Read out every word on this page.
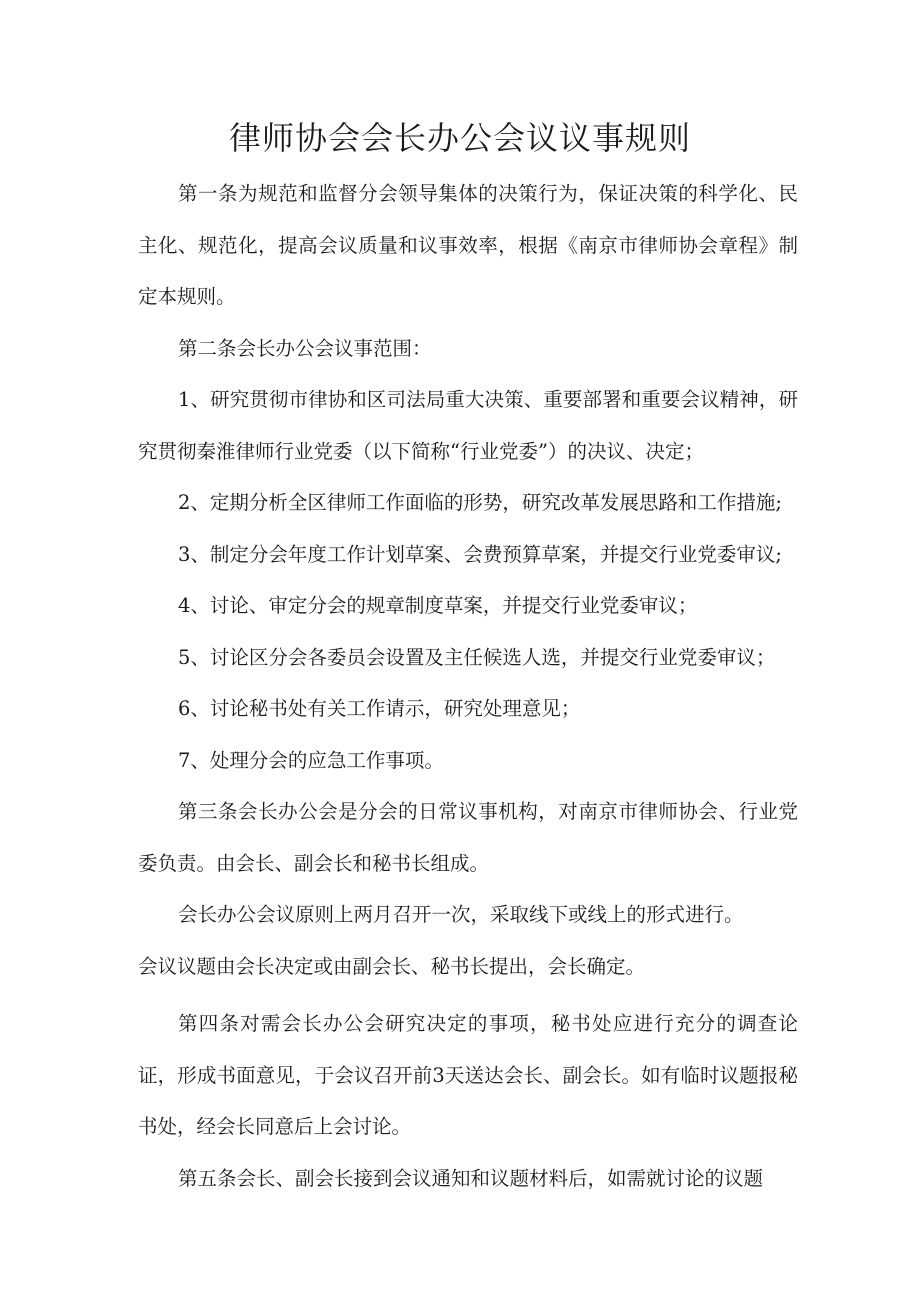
律师协会会长办公会议议事规则

第一条为规范和监督分会领导集体的决策行为，保证决策的科学化、民主化、规范化，提高会议质量和议事效率，根据《南京市律师协会章程》制定本规则。

第二条会长办公会议事范围：

1、研究贯彻市律协和区司法局重大决策、重要部署和重要会议精神，研究贯彻秦淮律师行业党委（以下简称“行业党委”）的决议、决定；

2、定期分析全区律师工作面临的形势，研究改革发展思路和工作措施;

3、制定分会年度工作计划草案、会费预算草案，并提交行业党委审议;

4、讨论、审定分会的规章制度草案，并提交行业党委审议；

5、讨论区分会各委员会设置及主任候选人选，并提交行业党委审议；

6、讨论秘书处有关工作请示，研究处理意见；

7、处理分会的应急工作事项。

第三条会长办公会是分会的日常议事机构，对南京市律师协会、行业党委负责。由会长、副会长和秘书长组成。

会长办公会议原则上两月召开一次，采取线下或线上的形式进行。

会议议题由会长决定或由副会长、秘书长提出，会长确定。

第四条对需会长办公会研究决定的事项，秘书处应进行充分的调查论证，形成书面意见，于会议召开前3天送达会长、副会长。如有临时议题报秘书处，经会长同意后上会讨论。

第五条会长、副会长接到会议通知和议题材料后，如需就讨论的议题
